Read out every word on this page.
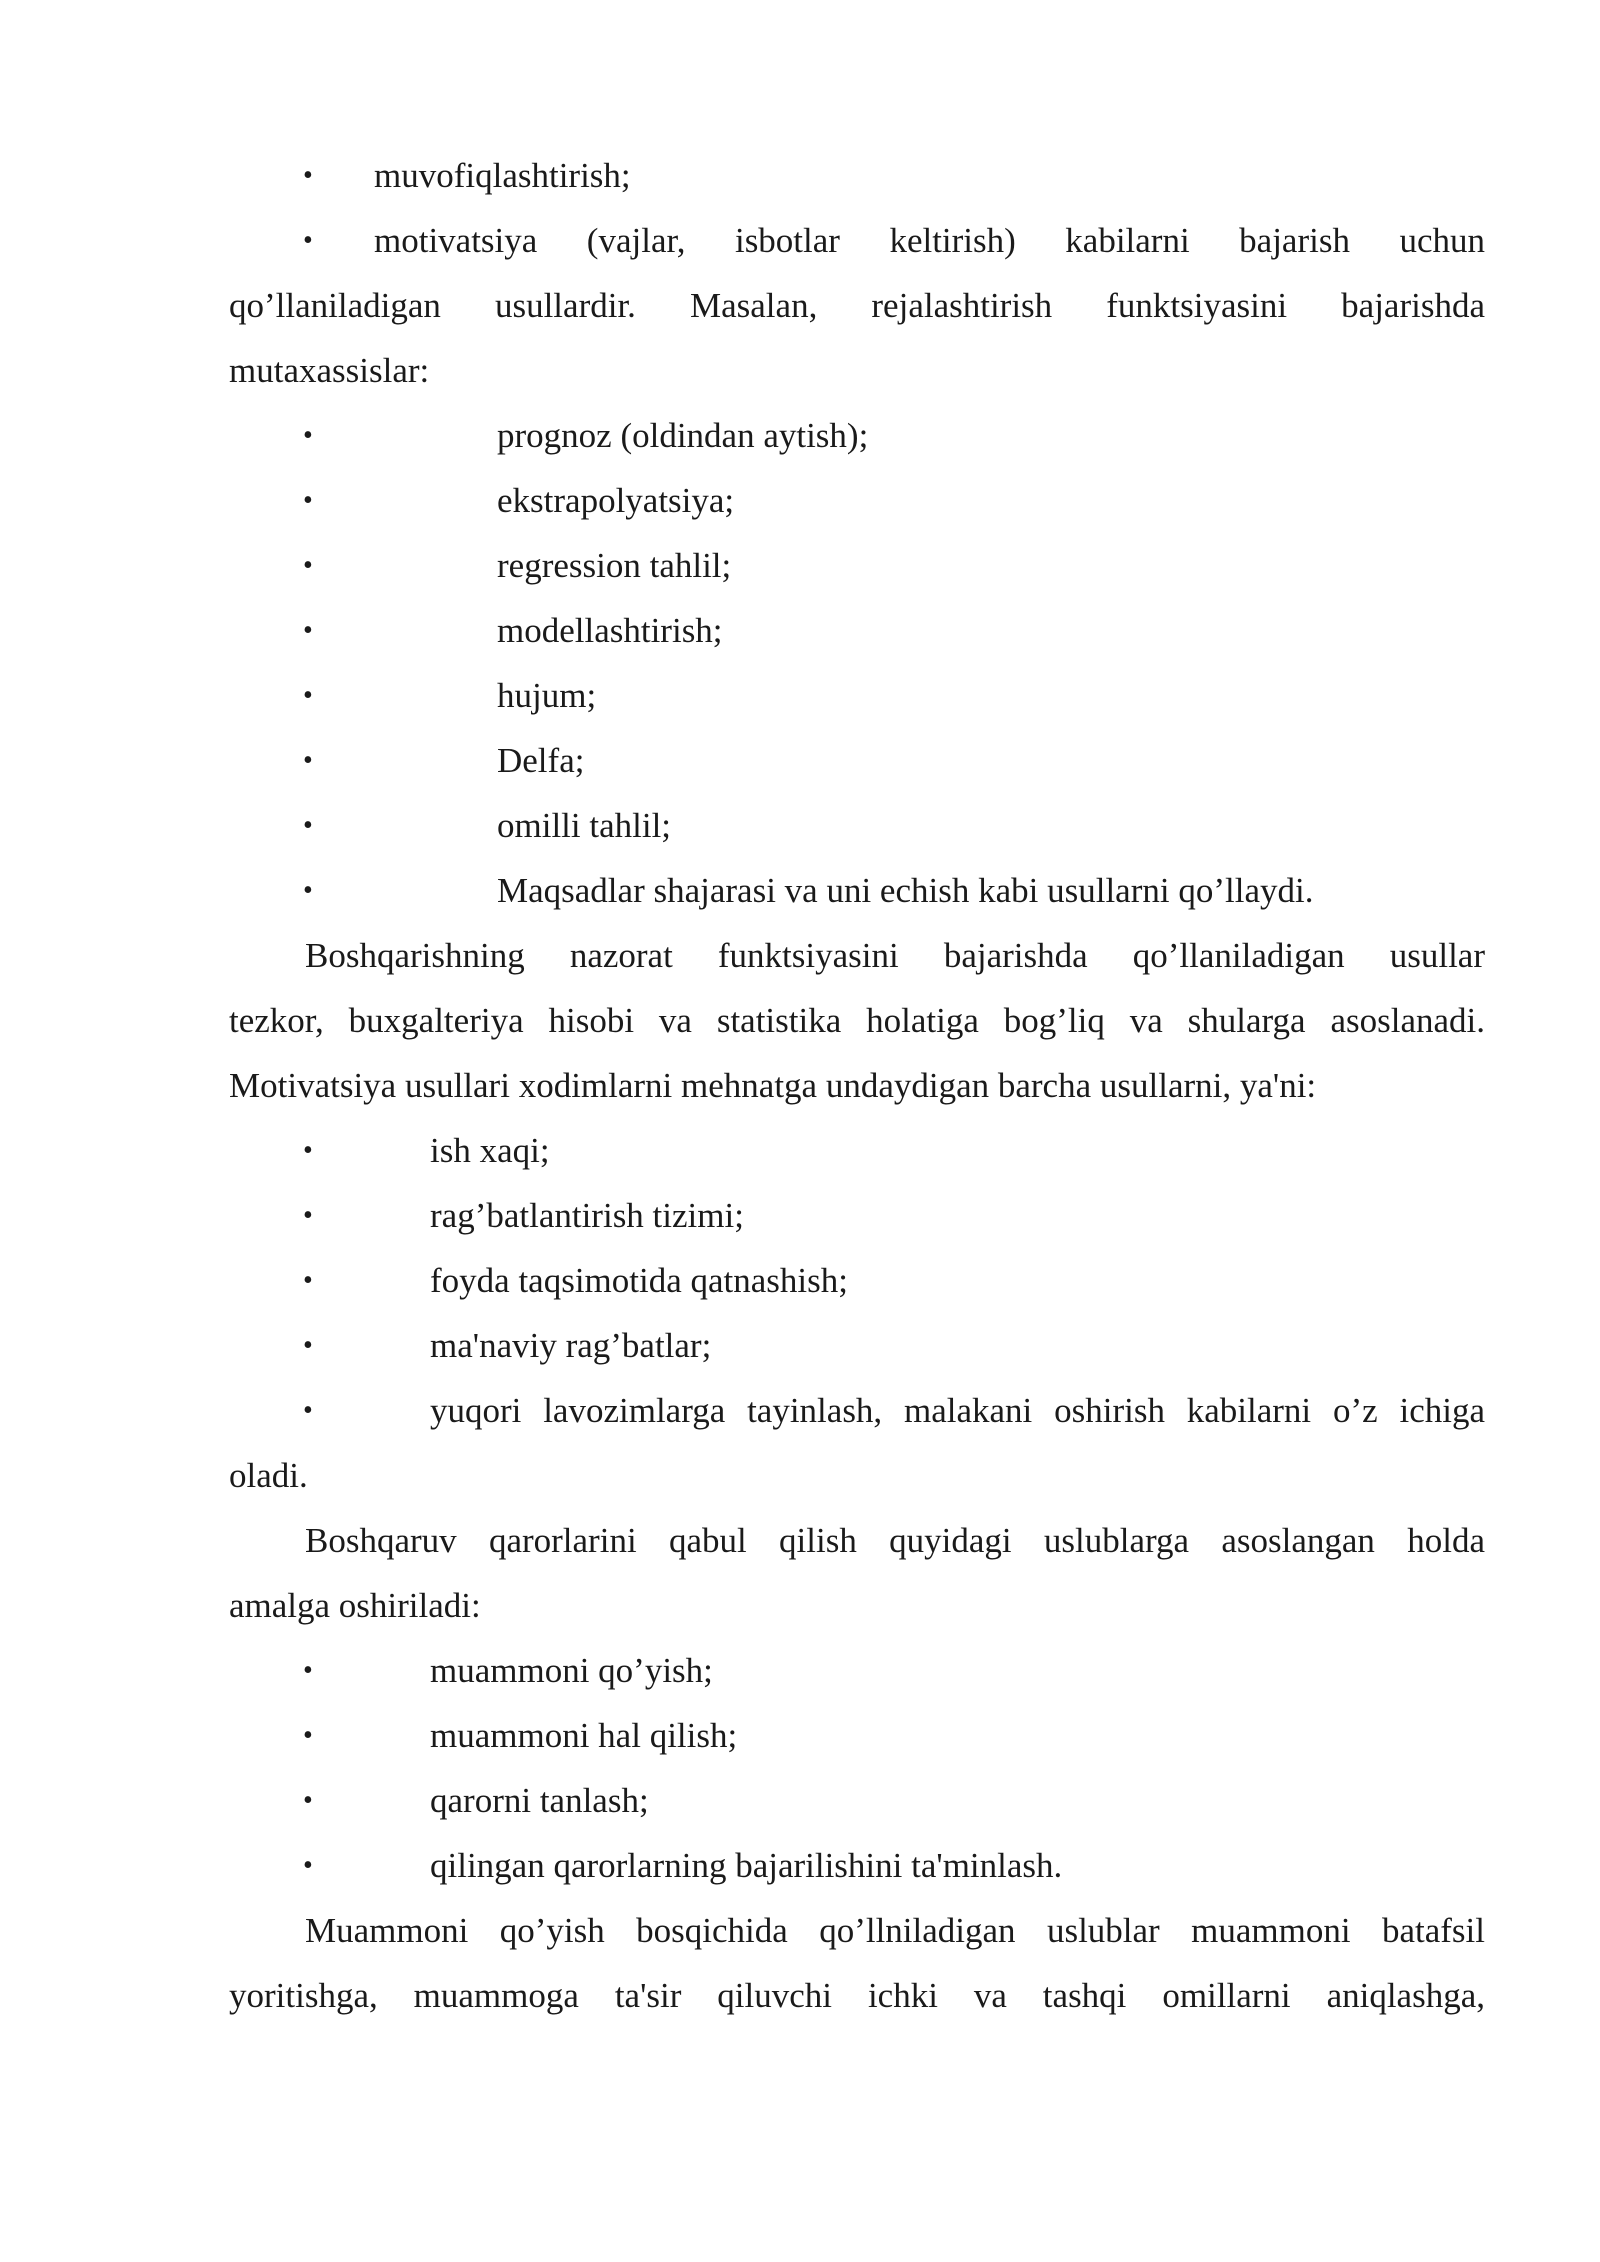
• muvofiqlashtirish;
• motivatsiya (vajlar, isbotlar keltirish) kabilarni bajarish uchun
qo’llaniladigan usullardir. Masalan, rejalashtirish funktsiyasini bajarishda
mutaxassislar:
•	prognoz (oldindan aytish);
•	ekstrapolyatsiya;
•	regression tahlil;
•	modellashtirish;
•	hujum;
•	Delfa;
•	omilli tahlil;
•	Maqsadlar shajarasi va uni echish kabi usullarni qo’llaydi.
Boshqarishning nazorat funktsiyasini bajarishda qo’llaniladigan usullar
tezkor, buxgalteriya hisobi va statistika holatiga bog’liq va shularga asoslanadi.
Motivatsiya usullari xodimlarni mehnatga undaydigan barcha usullarni, ya'ni:
•	ish xaqi;
•	rag’batlantirish tizimi;
•	foyda taqsimotida qatnashish;
•	ma'naviy rag’batlar;
•	yuqori lavozimlarga tayinlash, malakani oshirish kabilarni o’z ichiga
oladi.
Boshqaruv qarorlarini qabul qilish quyidagi uslublarga asoslangan holda
amalga oshiriladi:
•	muammoni qo’yish;
•	muammoni hal qilish;
•	qarorni tanlash;
•	qilingan qarorlarning bajarilishini ta'minlash.
Muammoni qo’yish bosqichida qo’llniladigan uslublar muammoni batafsil
yoritishga, muammoga ta'sir qiluvchi ichki va tashqi omillarni aniqlashga,
